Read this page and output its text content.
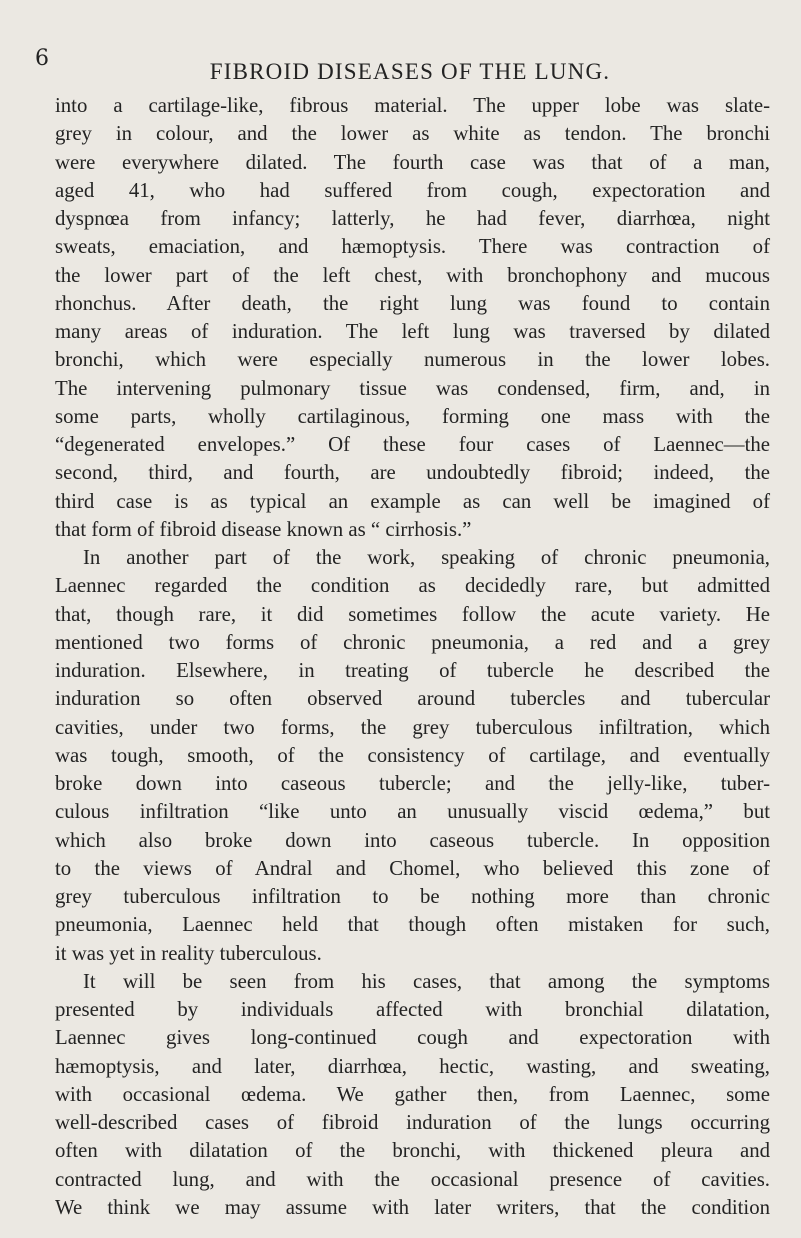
6
FIBROID DISEASES OF THE LUNG.
into a cartilage-like, fibrous material. The upper lobe was slate-
grey in colour, and the lower as white as tendon. The bronchi
were everywhere dilated. The fourth case was that of a man,
aged 41, who had suffered from cough, expectoration and
dyspnœa from infancy; latterly, he had fever, diarrhœa, night
sweats, emaciation, and hæmoptysis. There was contraction of
the lower part of the left chest, with bronchophony and mucous
rhonchus. After death, the right lung was found to contain
many areas of induration. The left lung was traversed by dilated
bronchi, which were especially numerous in the lower lobes.
The intervening pulmonary tissue was condensed, firm, and, in
some parts, wholly cartilaginous, forming one mass with the
“degenerated envelopes.” Of these four cases of Laennec—the
second, third, and fourth, are undoubtedly fibroid; indeed, the
third case is as typical an example as can well be imagined of
that form of fibroid disease known as “ cirrhosis.”
In another part of the work, speaking of chronic pneumonia,
Laennec regarded the condition as decidedly rare, but admitted
that, though rare, it did sometimes follow the acute variety. He
mentioned two forms of chronic pneumonia, a red and a grey
induration. Elsewhere, in treating of tubercle he described the
induration so often observed around tubercles and tubercular
cavities, under two forms, the grey tuberculous infiltration, which
was tough, smooth, of the consistency of cartilage, and eventually
broke down into caseous tubercle; and the jelly-like, tuber-
culous infiltration “like unto an unusually viscid œdema,” but
which also broke down into caseous tubercle. In opposition
to the views of Andral and Chomel, who believed this zone of
grey tuberculous infiltration to be nothing more than chronic
pneumonia, Laennec held that though often mistaken for such,
it was yet in reality tuberculous.
It will be seen from his cases, that among the symptoms
presented by individuals affected with bronchial dilatation,
Laennec gives long-continued cough and expectoration with
hæmoptysis, and later, diarrhœa, hectic, wasting, and sweating,
with occasional œdema. We gather then, from Laennec, some
well-described cases of fibroid induration of the lungs occurring
often with dilatation of the bronchi, with thickened pleura and
contracted lung, and with the occasional presence of cavities.
We think we may assume with later writers, that the condition
